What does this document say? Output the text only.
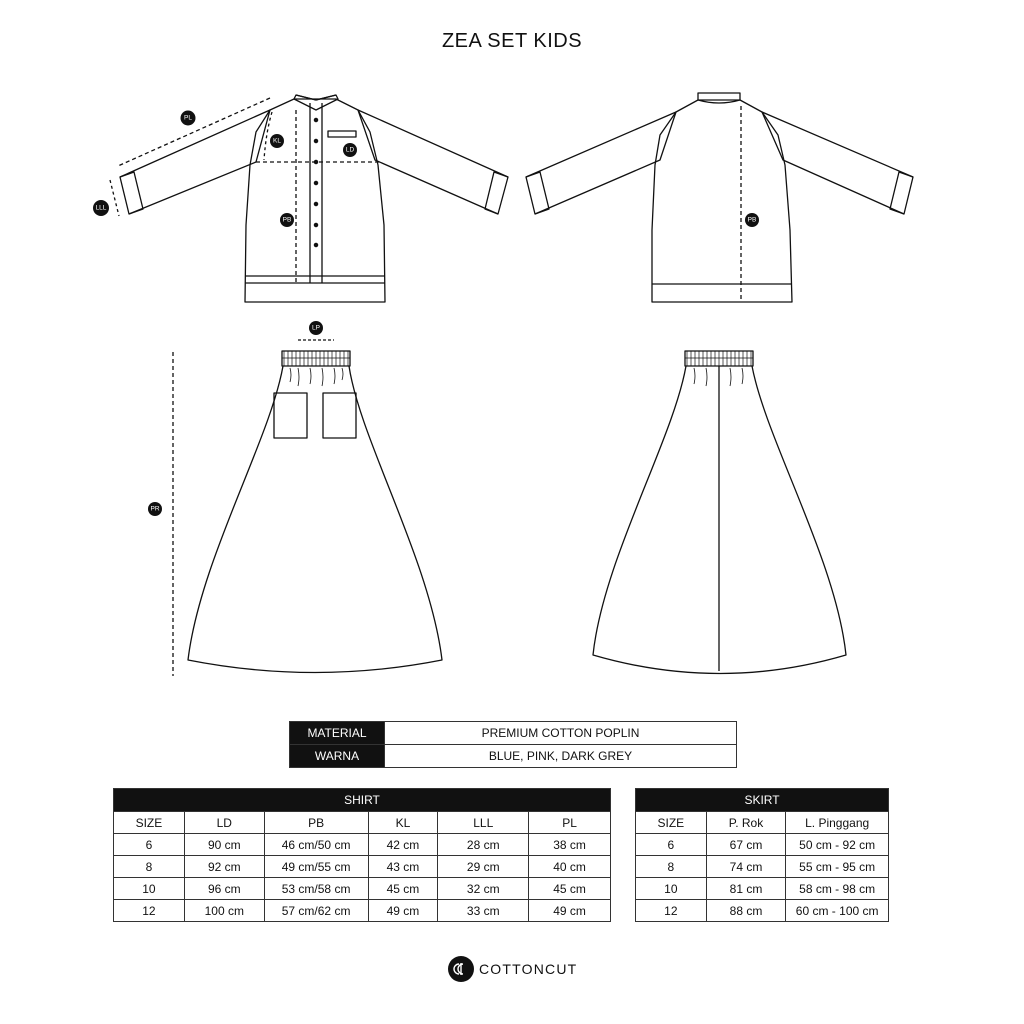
ZEA SET KIDS
PL
LLL
KL
LD
PB	PB
LP
PR
MATERIAL	PREMIUM COTTON POPLIN
WARNA	BLUE, PINK, DARK GREY
SHIRT					
SIZE	LD	PB	KL	LLL	PL
6	90 cm	46 cm/50 cm	42 cm	28 cm	38 cm
8	92 cm	49 cm/55 cm	43 cm	29 cm	40 cm
10	96 cm	53 cm/58 cm	45 cm	32 cm	45 cm
12	100 cm	57 cm/62 cm	49 cm	33 cm	49 cm
SKIRT		
SIZE	P. Rok	L. Pinggang
6	67 cm	50 cm - 92 cm
8	74 cm	55 cm - 95 cm
10	81 cm	58 cm - 98 cm
12	88 cm	60 cm - 100 cm
COTTONCUT
